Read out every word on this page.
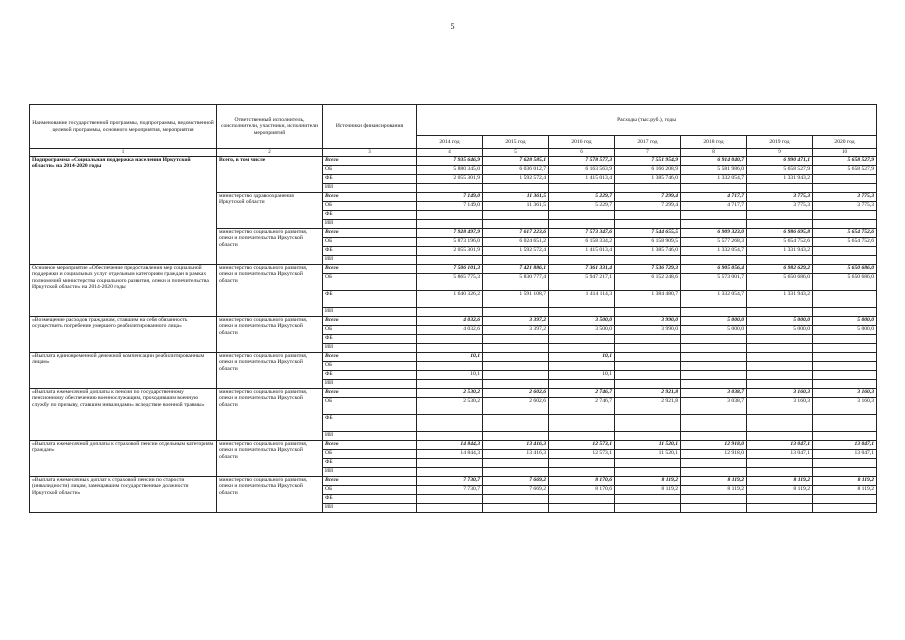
5
Наименование государственной программы, подпрограммы, ведомственной целевой программы, основного мероприятия, мероприятия	Ответственный исполнитель, соисполнители, участники, исполнители мероприятий	Источники финансирования	Расходы (тыс.руб.), годы						
			2014 год	2015 год	2016 год	2017 год	2018 год	2019 год	2020 год
1	2	3	4	5	6	7	8	9	10
Подпрограмма «Социальная поддержка населения Иркутской области» на 2014-2020 годы	Всего, в том числе	Всего	7 935 646,9	7 628 585,1	7 578 577,3	7 551 954,9	6 914 040,7	6 990 471,1	5 658 527,9
		ОБ	5 880 345,0	6 036 012,7	6 163 563,9	6 166 208,9	5 581 986,0	5 658 527,9	5 658 527,9
		ФБ	2 055 301,9	1 592 572,4	1 415 013,4	1 385 746,0	1 332 054,7	1 331 943,2	
		ИИ							
	министерство здравоохранения Иркутской области	Всего	7 149,0	11 361,5	5 229,7	7 299,4	4 717,7	3 775,3	3 775,3
		ОБ	7 149,0	11 361,5	5 229,7	7 299,4	4 717,7	3 775,3	3 775,3
		ФБ							
		ИИ							
	министерство социального развития, опеки и попечительства Иркутской области	Всего	7 928 497,9	7 617 223,6	7 573 347,6	7 544 655,5	6 909 323,0	6 986 695,8	5 654 752,6
		ОБ	5 873 196,0	6 024 651,2	6 158 334,2	6 158 909,5	5 577 268,3	5 654 752,6	5 654 752,6
		ФБ	2 055 301,9	1 592 572,4	1 415 013,4	1 385 746,0	1 332 054,7	1 331 943,2	
		ИИ							
Основное мероприятие «Обеспечение предоставления мер социальной поддержки и социальных услуг отдельным категориям граждан в рамках полномочий министерства социального развития, опеки и попечительства Иркутской области» на 2014-2020 годы	министерство социального развития, опеки и попечительства Иркутской области	Всего	7 506 101,3	7 421 886,1	7 361 331,4	7 536 729,3	6 905 056,4	6 982 629,2	5 650 686,0
		ОБ	5 865 775,3	5 830 777,4	5 947 217,1	6 152 248,6	5 573 001,7	5 650 686,0	5 650 686,0
		ФБ	1 640 326,2	1 591 108,7	1 414 114,3	1 384 480,7	1 332 054,7	1 331 943,2	
		ИИ							
«Возмещение расходов гражданам, ставшим на себя обязанность осуществить погребение умершего реабилитированного лица»	министерство социального развития, опеки и попечительства Иркутской области	Всего	4 032,6	3 397,2	3 500,0	3 990,0	5 000,0	5 000,0	5 000,0
		ОБ	4 032,6	3 397,2	3 500,0	3 990,0	5 000,0	5 000,0	5 000,0
		ФБ							
		ИИ							
«Выплата единовременной денежной компенсации реабилитированным лицам»	министерство социального развития, опеки и попечительства Иркутской области	Всего	10,1		10,1				
		ОБ							
		ФБ	10,1		10,1				
		ИИ							
«Выплата ежемесячной доплаты к пенсии по государственному пенсионному обеспечению военнослужащим, проходившим военную службу по призыву, ставшим инвалидами» вследствие военной травмы»	министерство социального развития, опеки и попечительства Иркутской области	Всего	2 530,2	2 602,6	2 746,7	2 921,8	3 038,7	3 160,3	3 160,3
		ОБ	2 530,2	2 602,6	2 746,7	2 921,8	3 038,7	3 160,3	3 160,3
		ФБ							
		ИИ							
«Выплата ежемесячной доплаты к страховой пенсии отдельным категориям граждан»	министерство социального развития, опеки и попечительства Иркутской области	Всего	14 844,3	13 416,3	12 573,1	11 520,1	12 918,0	13 047,1	13 047,1
		ОБ	14 844,3	13 416,3	12 573,1	11 520,1	12 918,0	13 047,1	13 047,1
		ФБ							
		ИИ							
«Выплата ежемесячных доплат к страховой пенсии по старости (инвалидности) лицам, замещавшим государственные должности Иркутской области»	министерство социального развития, опеки и попечительства Иркутской области	Всего	7 730,7	7 669,2	8 170,6	8 119,2	8 119,2	8 119,2	8 119,2
		ОБ	7 730,7	7 669,2	8 170,6	8 119,2	8 119,2	8 119,2	8 119,2
		ФБ							
		ИИ							
